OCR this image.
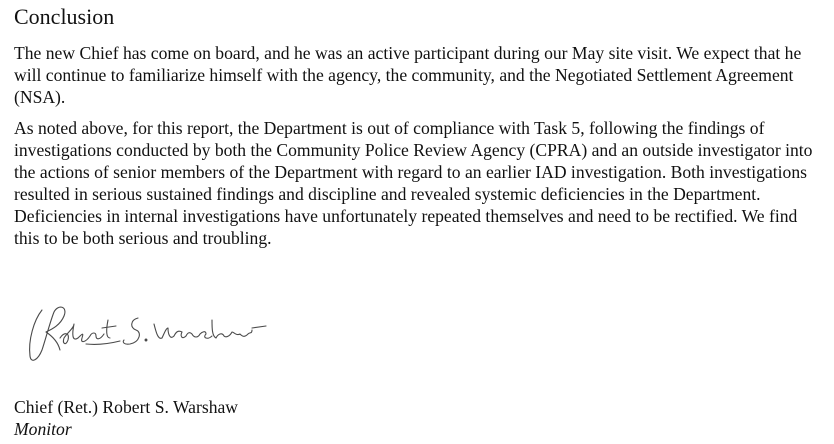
Conclusion

The new Chief has come on board, and he was an active participant during our May site visit. We expect that he will continue to familiarize himself with the agency, the community, and the Negotiated Settlement Agreement (NSA).

As noted above, for this report, the Department is out of compliance with Task 5, following the findings of investigations conducted by both the Community Police Review Agency (CPRA) and an outside investigator into the actions of senior members of the Department with regard to an earlier IAD investigation. Both investigations resulted in serious sustained findings and discipline and revealed systemic deficiencies in the Department. Deficiencies in internal investigations have unfortunately repeated themselves and need to be rectified. We find this to be both serious and troubling.

Chief (Ret.) Robert S. Warshaw
Monitor
